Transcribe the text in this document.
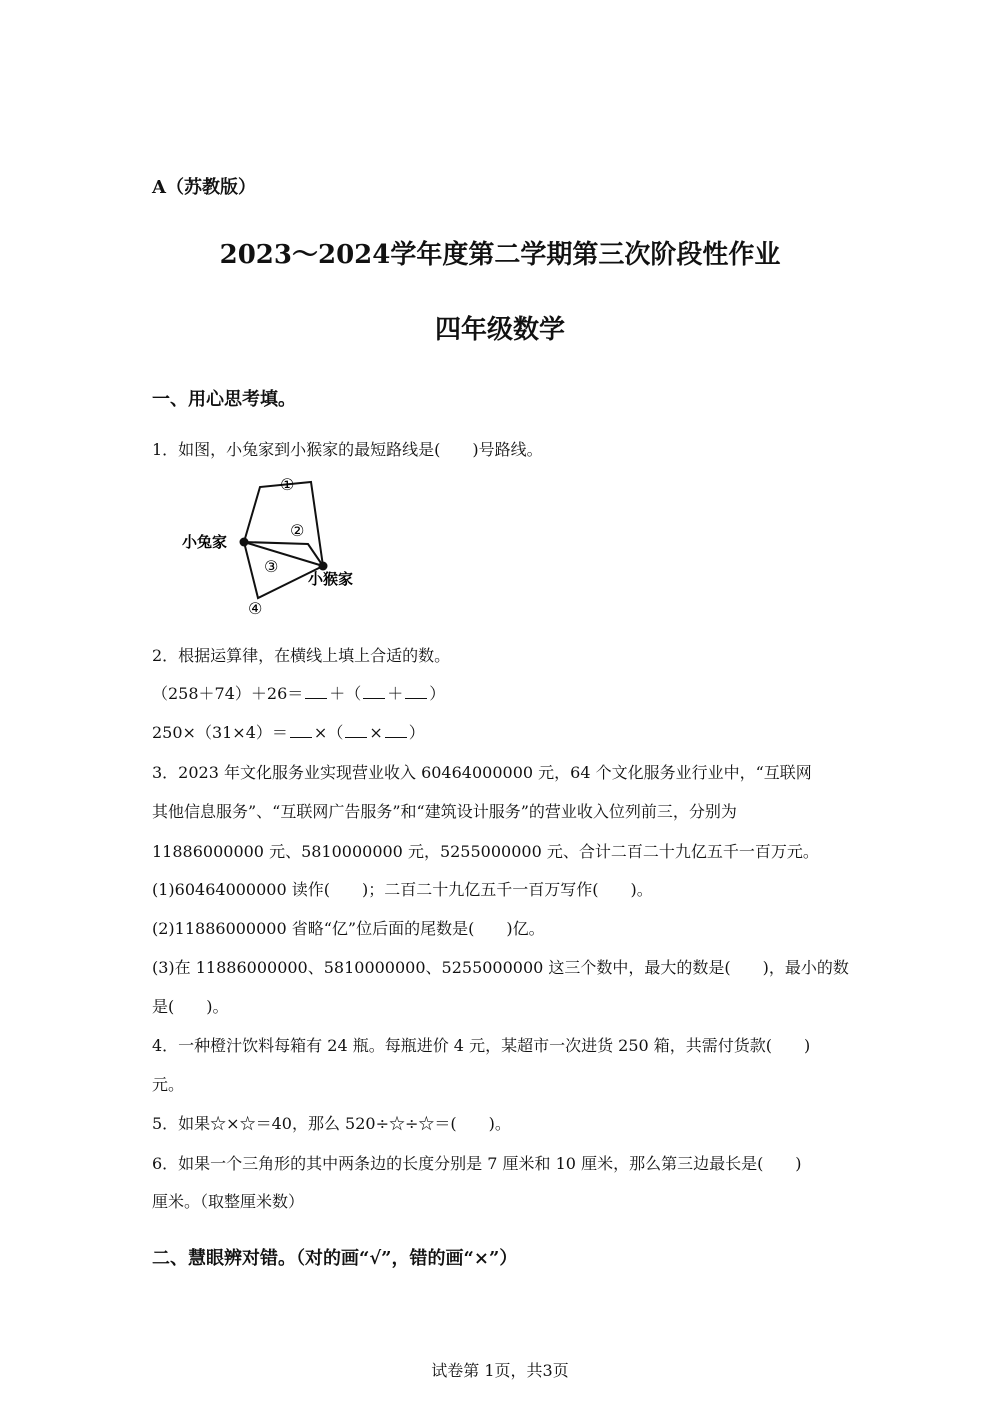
A（苏教版）
2023～2024学年度第二学期第三次阶段性作业
四年级数学
一、用心思考填。
1．如图，小兔家到小猴家的最短路线是(　　)号路线。
小兔家
小猴家
①
②
③
④
2．根据运算律，在横线上填上合适的数。
（258＋74）＋26＝ ＋（ ＋ ）
250×（31×4）＝ ×（ × ）
3．2023 年文化服务业实现营业收入 60464000000 元，64 个文化服务业行业中，“互联网
其他信息服务”、“互联网广告服务”和“建筑设计服务”的营业收入位列前三，分别为
11886000000 元、5810000000 元，5255000000 元、合计二百二十九亿五千一百万元。
(1)60464000000 读作(　　)；二百二十九亿五千一百万写作(　　)。
(2)11886000000 省略“亿”位后面的尾数是(　　)亿。
(3)在 11886000000、5810000000、5255000000 这三个数中，最大的数是(　　)，最小的数
是(　　)。
4．一种橙汁饮料每箱有 24 瓶。每瓶进价 4 元，某超市一次进货 250 箱，共需付货款(　　)
元。
5．如果☆×☆＝40，那么 520÷☆÷☆＝(　　)。
6．如果一个三角形的其中两条边的长度分别是 7 厘米和 10 厘米，那么第三边最长是(　　)
厘米。（取整厘米数）
二、慧眼辨对错。（对的画“√”，错的画“×”）
试卷第 1页，共3页
